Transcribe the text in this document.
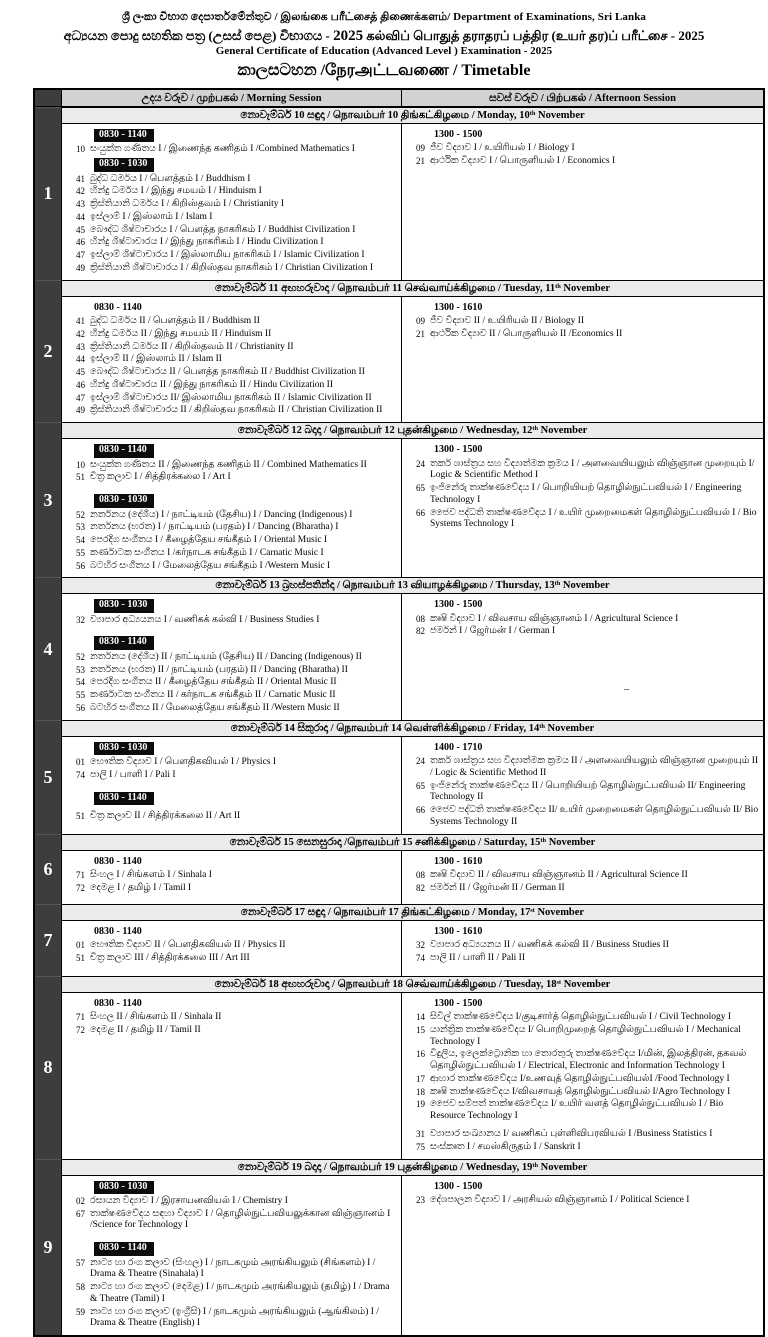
ශ්‍රී ලංකා විභාග දෙපාර්තමේන්තුව / இலங்கை பரீட்சைத் திணைக்களம்/ Department of Examinations, Sri Lanka
අධ්‍යයන පොදු සහතික පත්‍ර (උසස් පෙළ) විභාගය - 2025 கல்விப் பொதுத் தராதரப் பத்திர (உயர் தர)ப் பரீட்சை - 2025
General Certificate of Education (Advanced Level ) Examination - 2025
කාලසටහන /நேரஅட்டவணை / Timetable
උදය වරුව / முற்பகல் / Morning Session	සවස් වරුව / பிற்பகல் / Afternoon Session
1
නොවැම්බර් 10 සඳුදා / நொவம்பர் 10 திங்கட்கிழமை / Monday, 10ᵗʰ November
0830 - 1140
10 සංයුක්ත ගණිතය I / இணைந்த கணிதம் I /Combined Mathematics I
0830 - 1030
41 බුද්ධ ධර්මය I / பௌத்தம் I / Buddhism I
42 හින්දු ධර්මය I / இந்து சமயம் I / Hinduism I
43 ක්‍රිස්තියානි ධර්මය I / கிறிஸ்தவம் I / Christianity I
44 ඉස්ලාම් I / இஸ்லாம் I / Islam I
45 බෞද්ධ ශිෂ්ටාචාරය I / பௌத்த நாகரிகம் I / Buddhist Civilization I
46 හින්දු ශිෂ්ටාචාරය I / இந்து நாகரிகம் I / Hindu Civilization I
47 ඉස්ලාම් ශිෂ්ටාචාරය I / இஸ்லாமிய நாகரிகம் I / Islamic Civilization I
49 ක්‍රිස්තියානි ශිෂ්ටාචාරය I / கிறிஸ்தவ நாகரிகம் I / Christian Civilization I
1300 - 1500
09 ජීව විද්‍යාව I / உயிரியல் I / Biology I
21 ආර්ථික විද්‍යාව I / பொருளியல் I / Economics I
2
නොවැම්බර් 11 අඟහරුවාදා / நொவம்பர் 11 செவ்வாய்க்கிழமை / Tuesday, 11ᵗʰ November
0830 - 1140
41 බුද්ධ ධර්මය II / பௌத்தம் II / Buddhism II
42 හින්දු ධර්මය II / இந்து சமயம் II / Hinduism II
43 ක්‍රිස්තියානි ධර්මය II / கிறிஸ்தவம் II / Christianity II
44 ඉස්ලාම් II / இஸ்லாம் II / Islam II
45 බෞද්ධ ශිෂ්ටාචාරය II / பௌத்த நாகரிகம் II / Buddhist Civilization II
46 හින්දු ශිෂ්ටාචාරය II / இந்து நாகரிகம் II / Hindu Civilization II
47 ඉස්ලාම් ශිෂ්ටාචාරය II/ இஸ்லாமிய நாகரிகம் II / Islamic Civilization II
49 ක්‍රිස්තියානි ශිෂ්ටාචාරය II / கிறிஸ்தவ நாகரிகம் II / Christian Civilization II
1300 - 1610
09 ජීව විද්‍යාව II / உயிரியல் II / Biology II
21 ආර්ථික විද්‍යාව II / பொருளியல் II /Economics II
3
නොවැම්බර් 12 බදාදා / நொவம்பர் 12 புதன்கிழமை / Wednesday, 12ᵗʰ November
0830 - 1140
10 සංයුක්ත ගණිතය II / இணைந்த கணிதம் II / Combined Mathematics II
51 චිත්‍ර කලාව I / சித்திரக்கலை I / Art I
0830 - 1030
52 නර්තනය (දේශීය) I / நாட்டியம் (தேசிய) I / Dancing (Indigenous) I
53 නර්තනය (භරත) I / நாட்டியம் (பரதம்) I / Dancing (Bharatha) I
54 පෙරදිග සංගීතය I / கீழைத்தேய சங்கீதம் I / Oriental Music I
55 කර්ණාටක සංගීතය I /கர்நாடக சங்கீதம் I / Carnatic Music I
56 බටහිර සංගීතය I / மேலைத்தேய சங்கீதம் I /Western Music I
1300 - 1500
24 තර්ක ශාස්ත්‍රය සහ විද්‍යාත්මක ක්‍රමය I / அளவையியலும் விஞ்ஞான முறையும் I/ Logic & Scientific Method I
65 ඉංජිනේරු තාක්ෂණවේදය I / பொறியியற் தொழில்நுட்பவியல் I / Engineering Technology I
66 ජෛව පද්ධති තාක්ෂණවේදය I / உயிர் முறைமைகள் தொழில்நுட்பவியல் I / Bio Systems Technology I
4
නොවැම්බර් 13 බ්‍රහස්පතින්දා / நொவம்பர் 13 வியாழக்கிழமை / Thursday, 13ᵗʰ November
0830 - 1030
32 ව්‍යාපාර අධ්‍යයනය I / வணிகக் கல்வி I / Business Studies I
0830 - 1140
52 නර්තනය (දේශීය) II / நாட்டியம் (தேசிய) II / Dancing (Indigenous) II
53 නර්තනය (භරත) II / நாட்டியம் (பரதம்) II / Dancing (Bharatha) II
54 පෙරදිග සංගීතය II / கீழைத்தேய சங்கீதம் II / Oriental Music II
55 කර්ණාටක සංගීතය II / கர்நாடக சங்கீதம் II / Carnatic Music II
56 බටහිර සංගීතය II / மேலைத்தேய சங்கீதம் II /Western Music II
1300 - 1500
08 කෘෂි විද්‍යාව I / விவசாய விஞ்ஞானம் I / Agricultural Science I
82 ජර්මන් I / ஜேர்மன் I / German I
–
5
නොවැම්බර් 14 සිකුරාදා / நொவம்பர் 14 வெள்ளிக்கிழமை / Friday, 14ᵗʰ November
0830 - 1030
01 භෞතික විද්‍යාව I / பௌதிகவியல் I / Physics I
74 පාලි I / பாளி I / Pali I
0830 - 1140
51 චිත්‍ර කලාව II / சித்திரக்கலை II / Art II
1400 - 1710
24 තර්ක ශාස්ත්‍රය සහ විද්‍යාත්මක ක්‍රමය II / அளவையியலும் விஞ்ஞான முறையும் II / Logic & Scientific Method II
65 ඉංජිනේරු තාක්ෂණවේදය II / பொறியியற் தொழில்நுட்பவியல் II/ Engineering Technology II
66 ජෛව පද්ධති තාක්ෂණවේදය II/ உயிர் முறைமைகள் தொழில்நுட்பவியல் II/ Bio Systems Technology II
6
නොවැම්බර් 15 සෙනසුරාදා /நொவம்பர் 15 சனிக்கிழமை / Saturday, 15ᵗʰ November
0830 - 1140
71 සිංහල I / சிங்களம் I / Sinhala I
72 දෙමළ I / தமிழ் I / Tamil I
1300 - 1610
08 කෘෂි විද්‍යාව II / விவசாய விஞ்ஞானம் II / Agricultural Science II
82 ජර්මන් II / ஜேர்மன் II / German II
7
නොවැම්බර් 17 සඳුදා / நொவம்பர் 17 திங்கட்கிழமை / Monday, 17ˢᵗ November
0830 - 1140
01 භෞතික විද්‍යාව II / பௌதிகவியல் II / Physics II
51 චිත්‍ර කලාව III / சித்திரக்கலை III / Art III
1300 - 1610
32 ව්‍යාපාර අධ්‍යයනය II / வணிகக் கல்வி II / Business Studies II
74 පාලි II / பாளி II / Pali II
8
නොවැම්බර් 18 අඟහරුවාදා / நொவம்பர் 18 செவ்வாய்க்கிழமை / Tuesday, 18ˢᵗ November
0830 - 1140
71 සිංහල II / சிங்களம் II / Sinhala II
72 දෙමළ II / தமிழ் II / Tamil II
1300 - 1500
14 සිවිල් තාක්ෂණවේදය I/குடிசார்த் தொழில்நுட்பவியல் I / Civil Technology I
15 යාන්ත්‍රික තාක්ෂණවේදය I/ பொறிமுறைத் தொழில்நுட்பவியல் I / Mechanical Technology I
16 විදුලිය, ඉලෙක්ට්‍රොනික හා තොරතුරු තාක්ෂණවේදය I/மின், இலத்திரன், தகவல் தொழில்நுட்பவியல் I / Electrical, Electronic and Information Technology I
17 ආහාර තාක්ෂණවේදය I/உணவுத் தொழில்நுட்பவியல்I /Food Technology I
18 කෘෂි තාක්ෂණවේදය I/விவசாயத் தொழில்நுட்பவியல் I/Agro Technology I
19 ජෛව සම්පත් තාක්ෂණවේදය I/ உயிர் வளத் தொழில்நுட்பவியல் I / Bio Resource Technology I
31 ව්‍යාපාර සංඛ්‍යානය I/ வணிகப் புள்ளிவிபரவியல் I /Business Statistics I
75 සංස්කෘත I / சமஸ்கிருதம் I / Sanskrit I
9
නොවැම්බර් 19 බදාදා / நொவம்பர் 19 புதன்கிழமை / Wednesday, 19ᵗʰ November
0830 - 1030
02 රසායන විද්‍යාව I / இரசாயனவியல் I / Chemistry I
67 තාක්ෂණවේදය සඳහා විද්‍යාව I / தொழில்நுட்பவியலுக்கான விஞ்ஞானம் I /Science for Technology I
0830 - 1140
57 නාට්‍ය හා රංග කලාව (සිංහල) I / நாடகமும் அரங்கியலும் (சிங்களம்) I / Drama & Theatre (Sinahala) I
58 නාට්‍ය හා රංග කලාව (දෙමළ) I / நாடகமும் அரங்கியலும் (தமிழ்) I / Drama & Theatre (Tamil) I
59 නාට්‍ය හා රංග කලාව (ඉංග්‍රීසි) I / நாடகமும் அரங்கியலும் (ஆங்கிலம்) I / Drama & Theatre (English) I
1300 - 1500
23 දේශපාලන විද්‍යාව I / அரசியல் விஞ்ஞானம் I / Political Science I
